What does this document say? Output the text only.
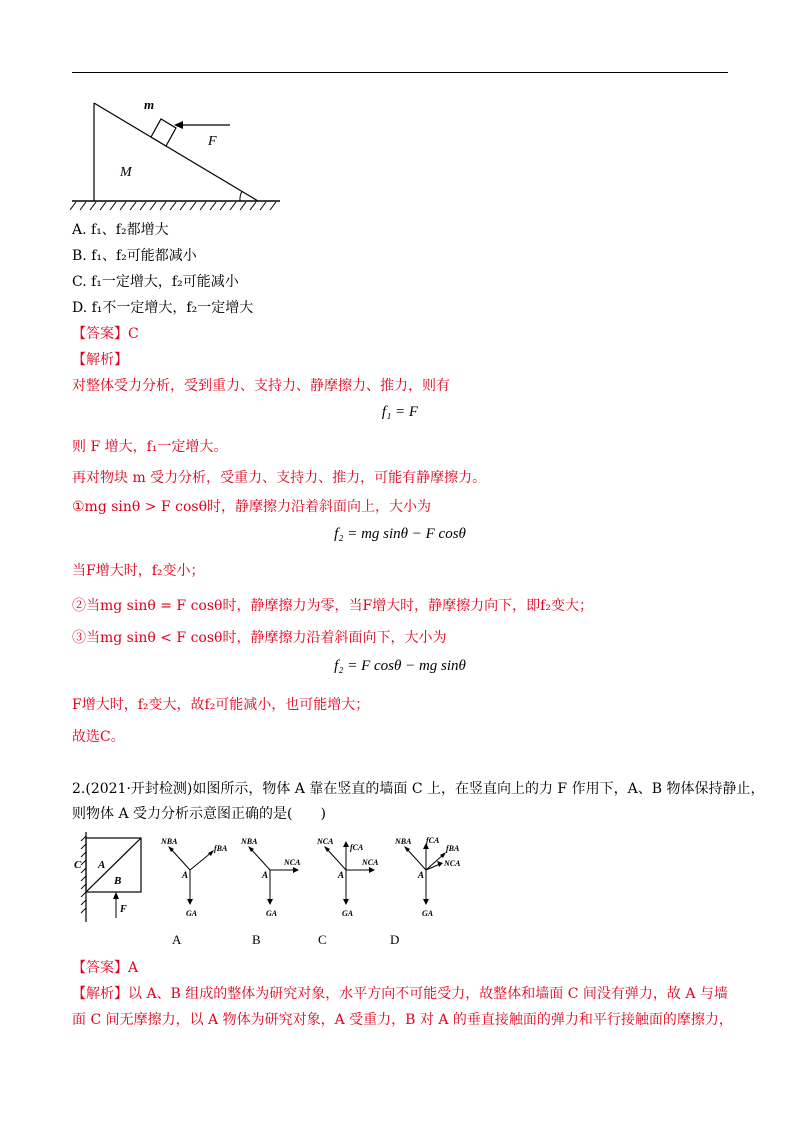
m
F
M
A. f₁、f₂都增大
B. f₁、f₂可能都减小
C. f₁一定增大，f₂可能减小
D. f₁不一定增大，f₂一定增大
【答案】C
【解析】
对整体受力分析，受到重力、支持力、静摩擦力、推力，则有
f₁ = F
则 F 增大，f₁一定增大。
再对物块 m 受力分析，受重力、支持力、推力，可能有静摩擦力。
①mg sinθ > F cosθ时，静摩擦力沿着斜面向上，大小为
f₂ = mg sinθ − F cosθ
当F增大时，f₂变小；
②当mg sinθ = F cosθ时，静摩擦力为零，当F增大时，静摩擦力向下，即f₂变大；
③当mg sinθ < F cosθ时，静摩擦力沿着斜面向下，大小为
f₂ = F cosθ − mg sinθ
F增大时，f₂变大，故f₂可能减小，也可能增大；
故选C。
2.(2021·开封检测)如图所示，物体 A 靠在竖直的墙面 C 上，在竖直向上的力 F 作用下，A、B 物体保持静止，
则物体 A 受力分析示意图正确的是(　　)
C A
B
F
NBA
fBA
A
GA
NBA
NCA
A
GA
NCA
fCA
NCA
A
GA
NBA fCA
fBA
NCA
A
GA
A	B	C	D
【答案】A
【解析】以 A、B 组成的整体为研究对象，水平方向不可能受力，故整体和墙面 C 间没有弹力，故 A 与墙
面 C 间无摩擦力，以 A 物体为研究对象，A 受重力，B 对 A 的垂直接触面的弹力和平行接触面的摩擦力，
